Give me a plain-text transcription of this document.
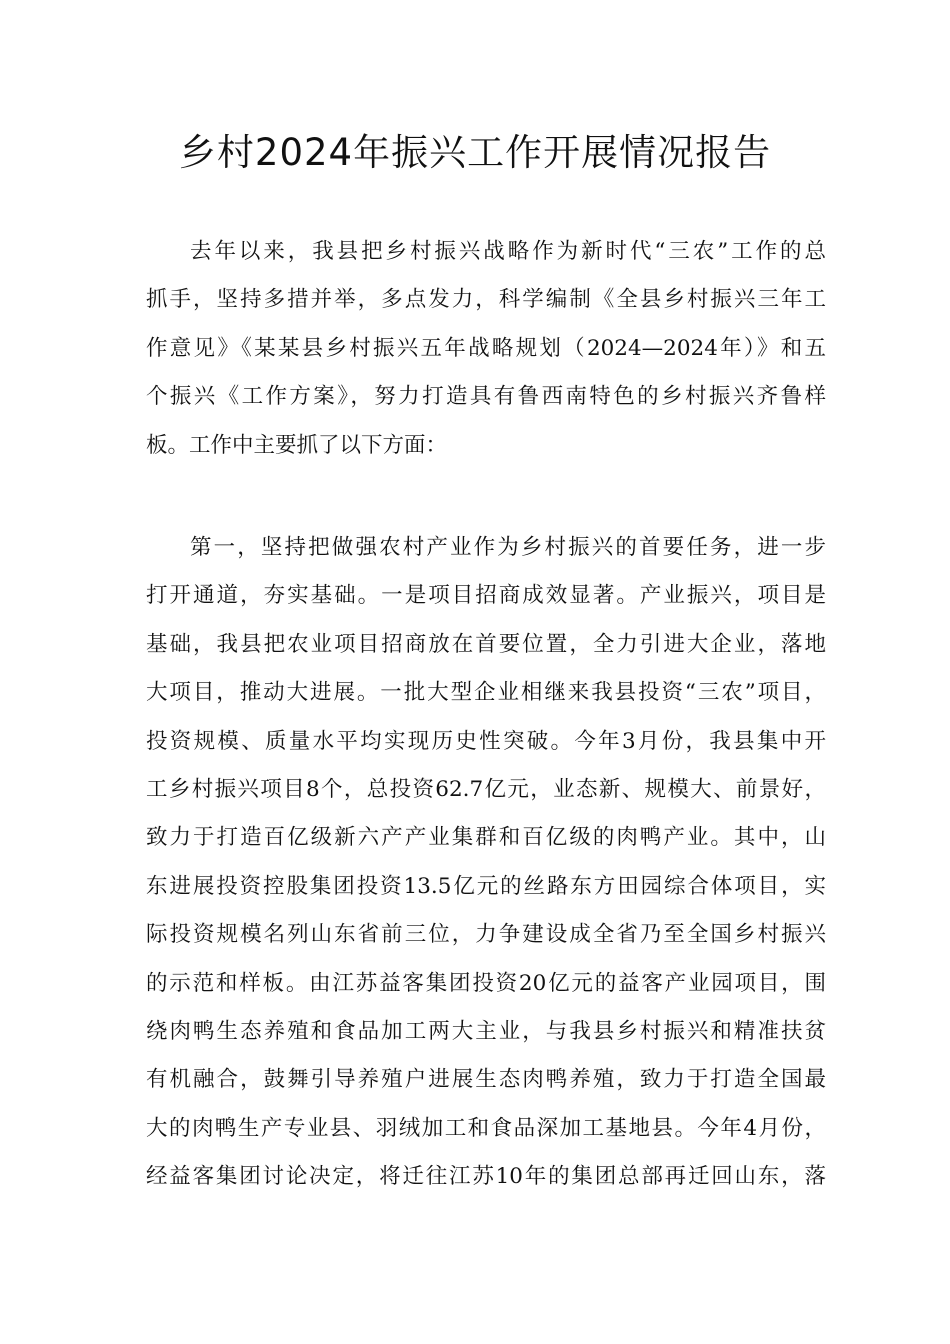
乡村2024年振兴工作开展情况报告
去年以来，我县把乡村振兴战略作为新时代“三农”工作的总
抓手，坚持多措并举，多点发力，科学编制《全县乡村振兴三年工
作意见》《某某县乡村振兴五年战略规划（2024—2024年）》和五
个振兴《工作方案》，努力打造具有鲁西南特色的乡村振兴齐鲁样
板。工作中主要抓了以下方面：
第一，坚持把做强农村产业作为乡村振兴的首要任务，进一步
打开通道，夯实基础。一是项目招商成效显著。产业振兴，项目是
基础，我县把农业项目招商放在首要位置，全力引进大企业，落地
大项目，推动大进展。一批大型企业相继来我县投资“三农”项目，
投资规模、质量水平均实现历史性突破。今年3月份，我县集中开
工乡村振兴项目8个，总投资62.7亿元，业态新、规模大、前景好，
致力于打造百亿级新六产产业集群和百亿级的肉鸭产业。其中，山
东进展投资控股集团投资13.5亿元的丝路东方田园综合体项目，实
际投资规模名列山东省前三位，力争建设成全省乃至全国乡村振兴
的示范和样板。由江苏益客集团投资20亿元的益客产业园项目，围
绕肉鸭生态养殖和食品加工两大主业，与我县乡村振兴和精准扶贫
有机融合，鼓舞引导养殖户进展生态肉鸭养殖，致力于打造全国最
大的肉鸭生产专业县、羽绒加工和食品深加工基地县。今年4月份，
经益客集团讨论决定，将迁往江苏10年的集团总部再迁回山东，落
